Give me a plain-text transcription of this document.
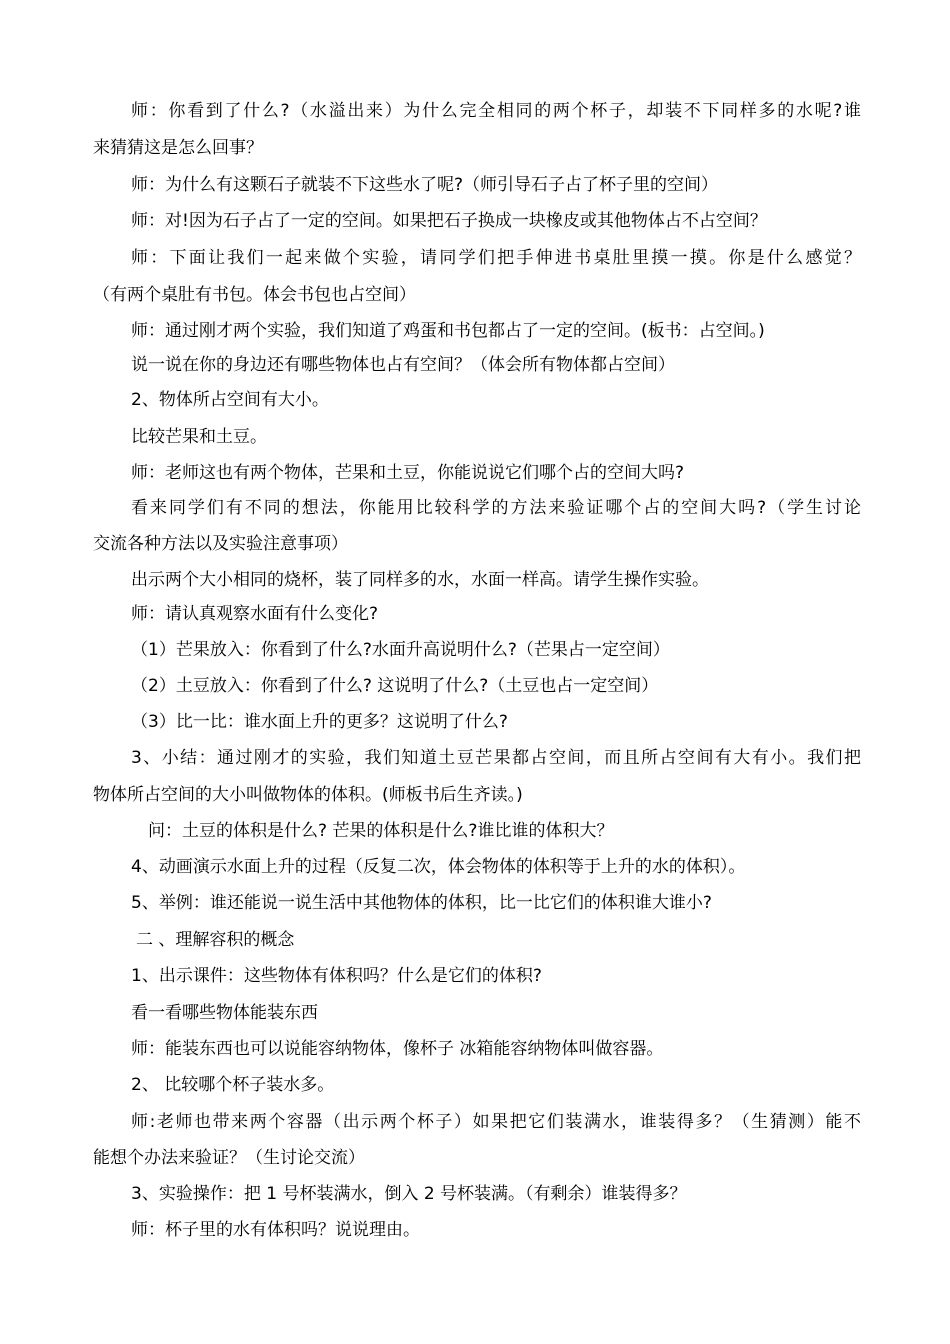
师：你看到了什么?（水溢出来）为什么完全相同的两个杯子，却装不下同样多的水呢?谁
来猜猜这是怎么回事？
师：为什么有这颗石子就装不下这些水了呢?（师引导石子占了杯子里的空间）
师：对!因为石子占了一定的空间。如果把石子换成一块橡皮或其他物体占不占空间？
师：下面让我们一起来做个实验，请同学们把手伸进书桌肚里摸一摸。你是什么感觉？
（有两个桌肚有书包。体会书包也占空间）
师：通过刚才两个实验，我们知道了鸡蛋和书包都占了一定的空间。(板书：占空间。)
说一说在你的身边还有哪些物体也占有空间？（体会所有物体都占空间）
2、物体所占空间有大小。
比较芒果和土豆。
师：老师这也有两个物体，芒果和土豆，你能说说它们哪个占的空间大吗?
看来同学们有不同的想法，你能用比较科学的方法来验证哪个占的空间大吗?（学生讨论
交流各种方法以及实验注意事项）
出示两个大小相同的烧杯，装了同样多的水，水面一样高。请学生操作实验。
师：请认真观察水面有什么变化?
（1）芒果放入：你看到了什么?水面升高说明什么?（芒果占一定空间）
（2）土豆放入：你看到了什么? 这说明了什么?（土豆也占一定空间）
（3）比一比：谁水面上升的更多？这说明了什么?
3、小结：通过刚才的实验，我们知道土豆芒果都占空间，而且所占空间有大有小。我们把
物体所占空间的大小叫做物体的体积。(师板书后生齐读。)
问：土豆的体积是什么? 芒果的体积是什么?谁比谁的体积大？
4、动画演示水面上升的过程（反复二次，体会物体的体积等于上升的水的体积）。
5、举例：谁还能说一说生活中其他物体的体积，比一比它们的体积谁大谁小?
二 、理解容积的概念
1、出示课件：这些物体有体积吗？什么是它们的体积?
看一看哪些物体能装东西
师：能装东西也可以说能容纳物体，像杯子 冰箱能容纳物体叫做容器。
2、 比较哪个杯子装水多。
师:老师也带来两个容器（出示两个杯子）如果把它们装满水，谁装得多？（生猜测）能不
能想个办法来验证？（生讨论交流）
3、实验操作：把 1 号杯装满水，倒入 2 号杯装满。（有剩余）谁装得多？
师：杯子里的水有体积吗？说说理由。
